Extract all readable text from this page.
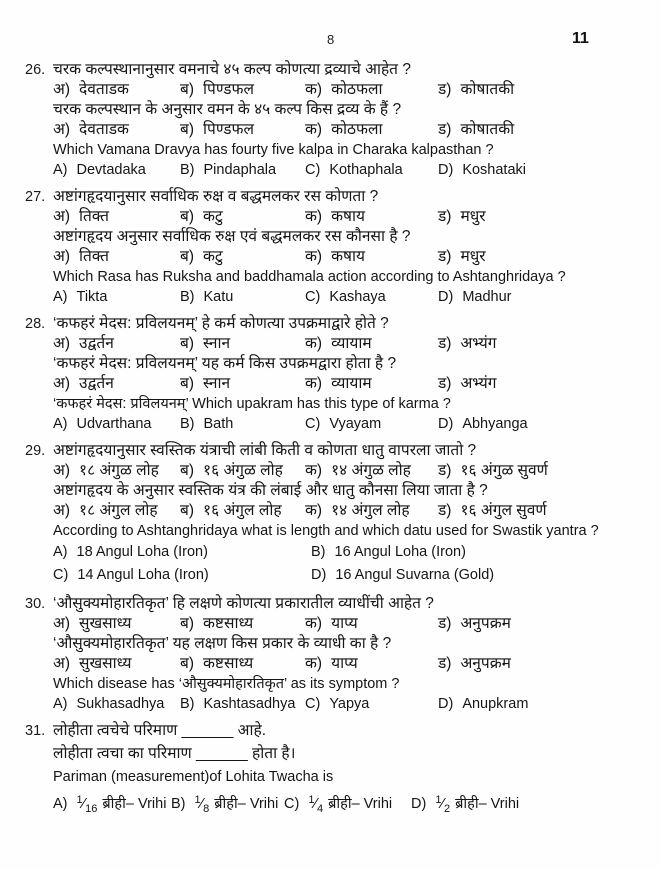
8	11
26. चरक कल्पस्थानानुसार वमनाचे ४५ कल्प कोणत्या द्रव्याचे आहेत ?
अ) देवताडक	ब) पिण्डफल	क) कोठफला	ड) कोषातकी
चरक कल्पस्थान के अनुसार वमन के ४५ कल्प किस द्रव्य के हैं ?
अ) देवताडक	ब) पिण्डफल	क) कोठफला	ड) कोषातकी
Which Vamana Dravya has fourty five kalpa in Charaka kalpasthan ?
A) Devtadaka B) Pindaphala C) Kothaphala D) Koshataki
27. अष्टांगहृदयानुसार सर्वाधिक रुक्ष व बद्धमलकर रस कोणता ?
अ) तिक्त	ब) कटु	क) कषाय	ड) मधुर
अष्टांगहृदय अनुसार सर्वाधिक रुक्ष एवं बद्धमलकर रस कौनसा है ?
अ) तिक्त	ब) कटु	क) कषाय	ड) मधुर
Which Rasa has Ruksha and baddhamala action according to Ashtanghridaya ?
A) Tikta	B) Katu	C) Kashaya	D) Madhur
28. ‘कफहरं मेदस: प्रविलयनम्’ हे कर्म कोणत्या उपक्रमाद्वारे होते ?
अ) उद्वर्तन	ब) स्नान	क) व्यायाम	ड) अभ्यंग
‘कफहरं मेदस: प्रविलयनम्’ यह कर्म किस उपक्रमद्वारा होता है ?
अ) उद्वर्तन	ब) स्नान	क) व्यायाम	ड) अभ्यंग
‘कफहरं मेदस: प्रविलयनम्’ Which upakram has this type of karma ?
A) Udvarthana B) Bath	C) Vyayam	D) Abhyanga
29. अष्टांगहृदयानुसार स्वस्तिक यंत्राची लांबी किती व कोणता धातु वापरला जातो ?
अ) १८ अंगुळ लोह ब) १६ अंगुळ लोह क) १४ अंगुळ लोह ड) १६ अंगुळ सुवर्ण
अष्टांगहृदय के अनुसार स्वस्तिक यंत्र की लंबाई और धातु कौनसा लिया जाता है ?
अ) १८ अंगुल लोह ब) १६ अंगुल लोह क) १४ अंगुल लोह ड) १६ अंगुल सुवर्ण
According to Ashtanghridaya what is length and which datu used for Swastik yantra ?
A) 18 Angul Loha (Iron)	B) 16 Angul Loha (Iron)
C) 14 Angul Loha (Iron)	D) 16 Angul Suvarna (Gold)
30. ‘औसुक्यमोहारतिकृत’ हि लक्षणे कोणत्या प्रकारातील व्याधींची आहेत ?
अ) सुखसाध्य	ब) कष्टसाध्य	क) याप्य	ड) अनुपक्रम
‘औसुक्यमोहारतिकृत’ यह लक्षण किस प्रकार के व्याधी का है ?
अ) सुखसाध्य	ब) कष्टसाध्य	क) याप्य	ड) अनुपक्रम
Which disease has ‘औसुक्यमोहारतिकृत’ as its symptom ?
A) Sukhasadhya B) Kashtasadhya C) Yapya	D) Anupkram
31. लोहीता त्वचेचे परिमाण ______ आहे.
लोहीता त्वचा का परिमाण ______ होता है।
Pariman (measurement)of Lohita Twacha is
A) $^1⁄_{16}$ ब्रीही– Vrihi B) $^1⁄_8$ ब्रीही– Vrihi C) $^1⁄_4$ ब्रीही– Vrihi D) $^1⁄_2$ ब्रीही– Vrihi
